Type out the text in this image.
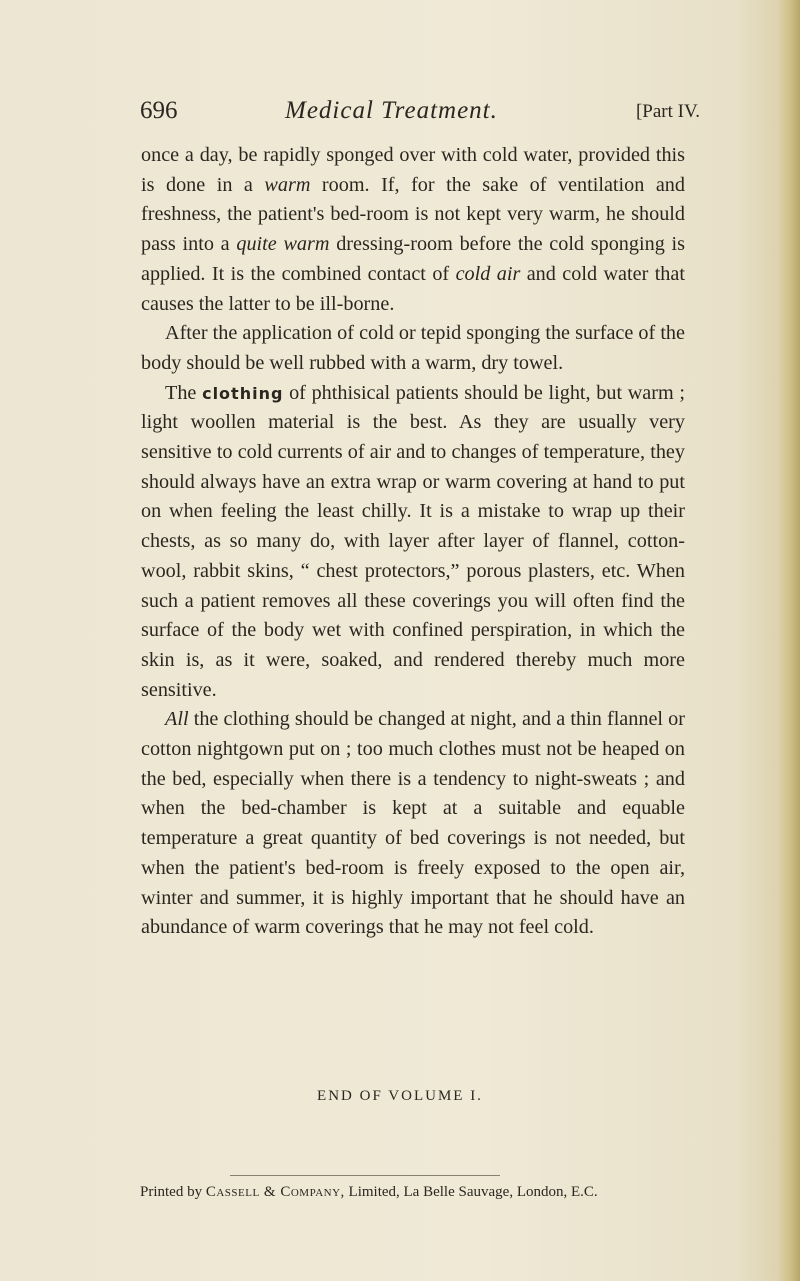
696	Medical Treatment.	[Part IV.

once a day, be rapidly sponged over with cold water, provided this is done in a warm room. If, for the sake of ventilation and freshness, the patient's bed-room is not kept very warm, he should pass into a quite warm dressing-room before the cold sponging is applied. It is the combined contact of cold air and cold water that causes the latter to be ill-borne.

After the application of cold or tepid sponging the surface of the body should be well rubbed with a warm, dry towel.

The clothing of phthisical patients should be light, but warm ; light woollen material is the best. As they are usually very sensitive to cold currents of air and to changes of temperature, they should always have an extra wrap or warm covering at hand to put on when feeling the least chilly. It is a mistake to wrap up their chests, as so many do, with layer after layer of flannel, cotton-wool, rabbit skins, “ chest protectors,” porous plasters, etc. When such a patient removes all these coverings you will often find the surface of the body wet with confined perspiration, in which the skin is, as it were, soaked, and rendered thereby much more sensitive.

All the clothing should be changed at night, and a thin flannel or cotton nightgown put on ; too much clothes must not be heaped on the bed, especially when there is a tendency to night-sweats ; and when the bed-chamber is kept at a suitable and equable temperature a great quantity of bed coverings is not needed, but when the patient's bed-room is freely exposed to the open air, winter and summer, it is highly important that he should have an abundance of warm coverings that he may not feel cold.

END OF VOLUME I.
Printed by Cassell & Company, Limited, La Belle Sauvage, London, E.C.
